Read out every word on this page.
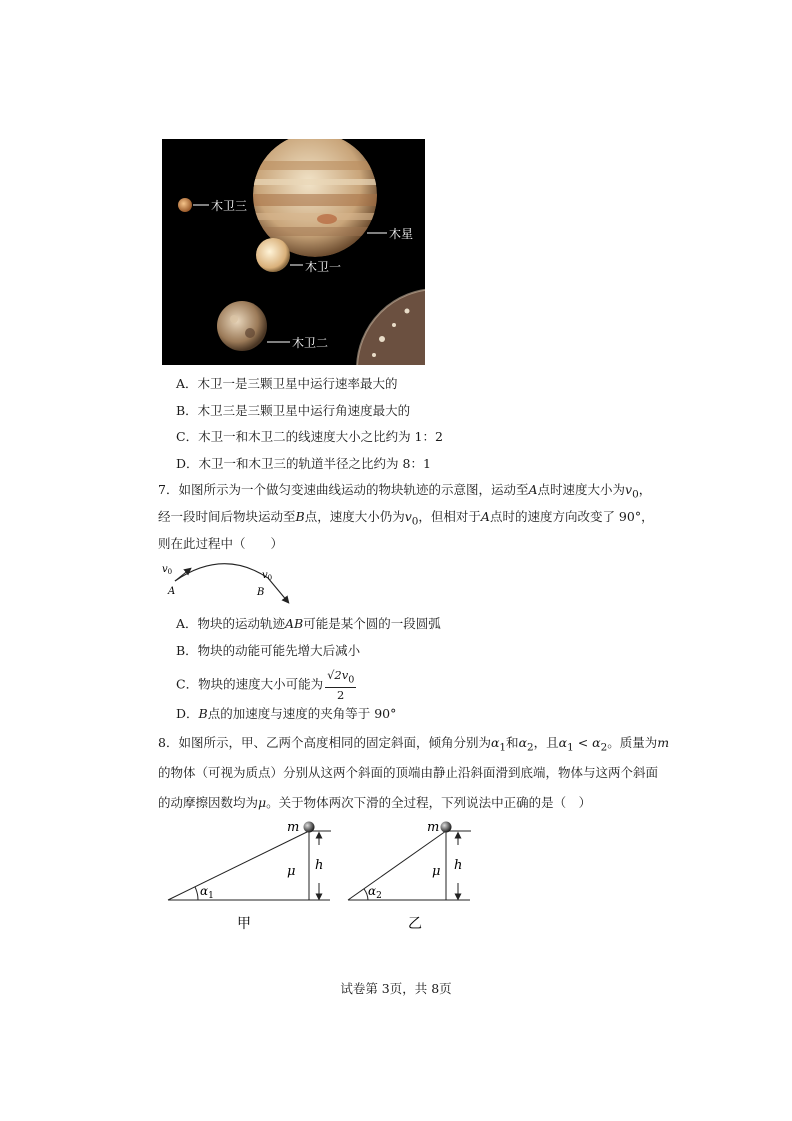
木卫三
木星
木卫一
木卫二
A．木卫一是三颗卫星中运行速率最大的
B．木卫三是三颗卫星中运行角速度最大的
C．木卫一和木卫二的线速度大小之比约为 1：2
D．木卫一和木卫三的轨道半径之比约为 8：1
7．如图所示为一个做匀变速曲线运动的物块轨迹的示意图，运动至A点时速度大小为$v_0$，
经一段时间后物块运动至B点，速度大小仍为$v_0$，但相对于A点时的速度方向改变了 90°，
则在此过程中（　　）
$v_0$
A
$v_0$
B
A．物块的运动轨迹AB可能是某个圆的一段圆弧
B．物块的动能可能先增大后减小
C．物块的速度大小可能为 $\frac{√2v_0}{2}$
D．B点的加速度与速度的夹角等于 90°
8．如图所示，甲、乙两个高度相同的固定斜面，倾角分别为$\alpha_1$和$\alpha_2$，且$\alpha_1 < \alpha_2$。质量为m
的物体（可视为质点）分别从这两个斜面的顶端由静止沿斜面滑到底端，物体与这两个斜面
的动摩擦因数均为μ。关于物体两次下滑的全过程，下列说法中正确的是（　）
m
h
μ
$\alpha_1$
甲
m
h
μ
$\alpha_2$
乙
试卷第 3页，共 8页
